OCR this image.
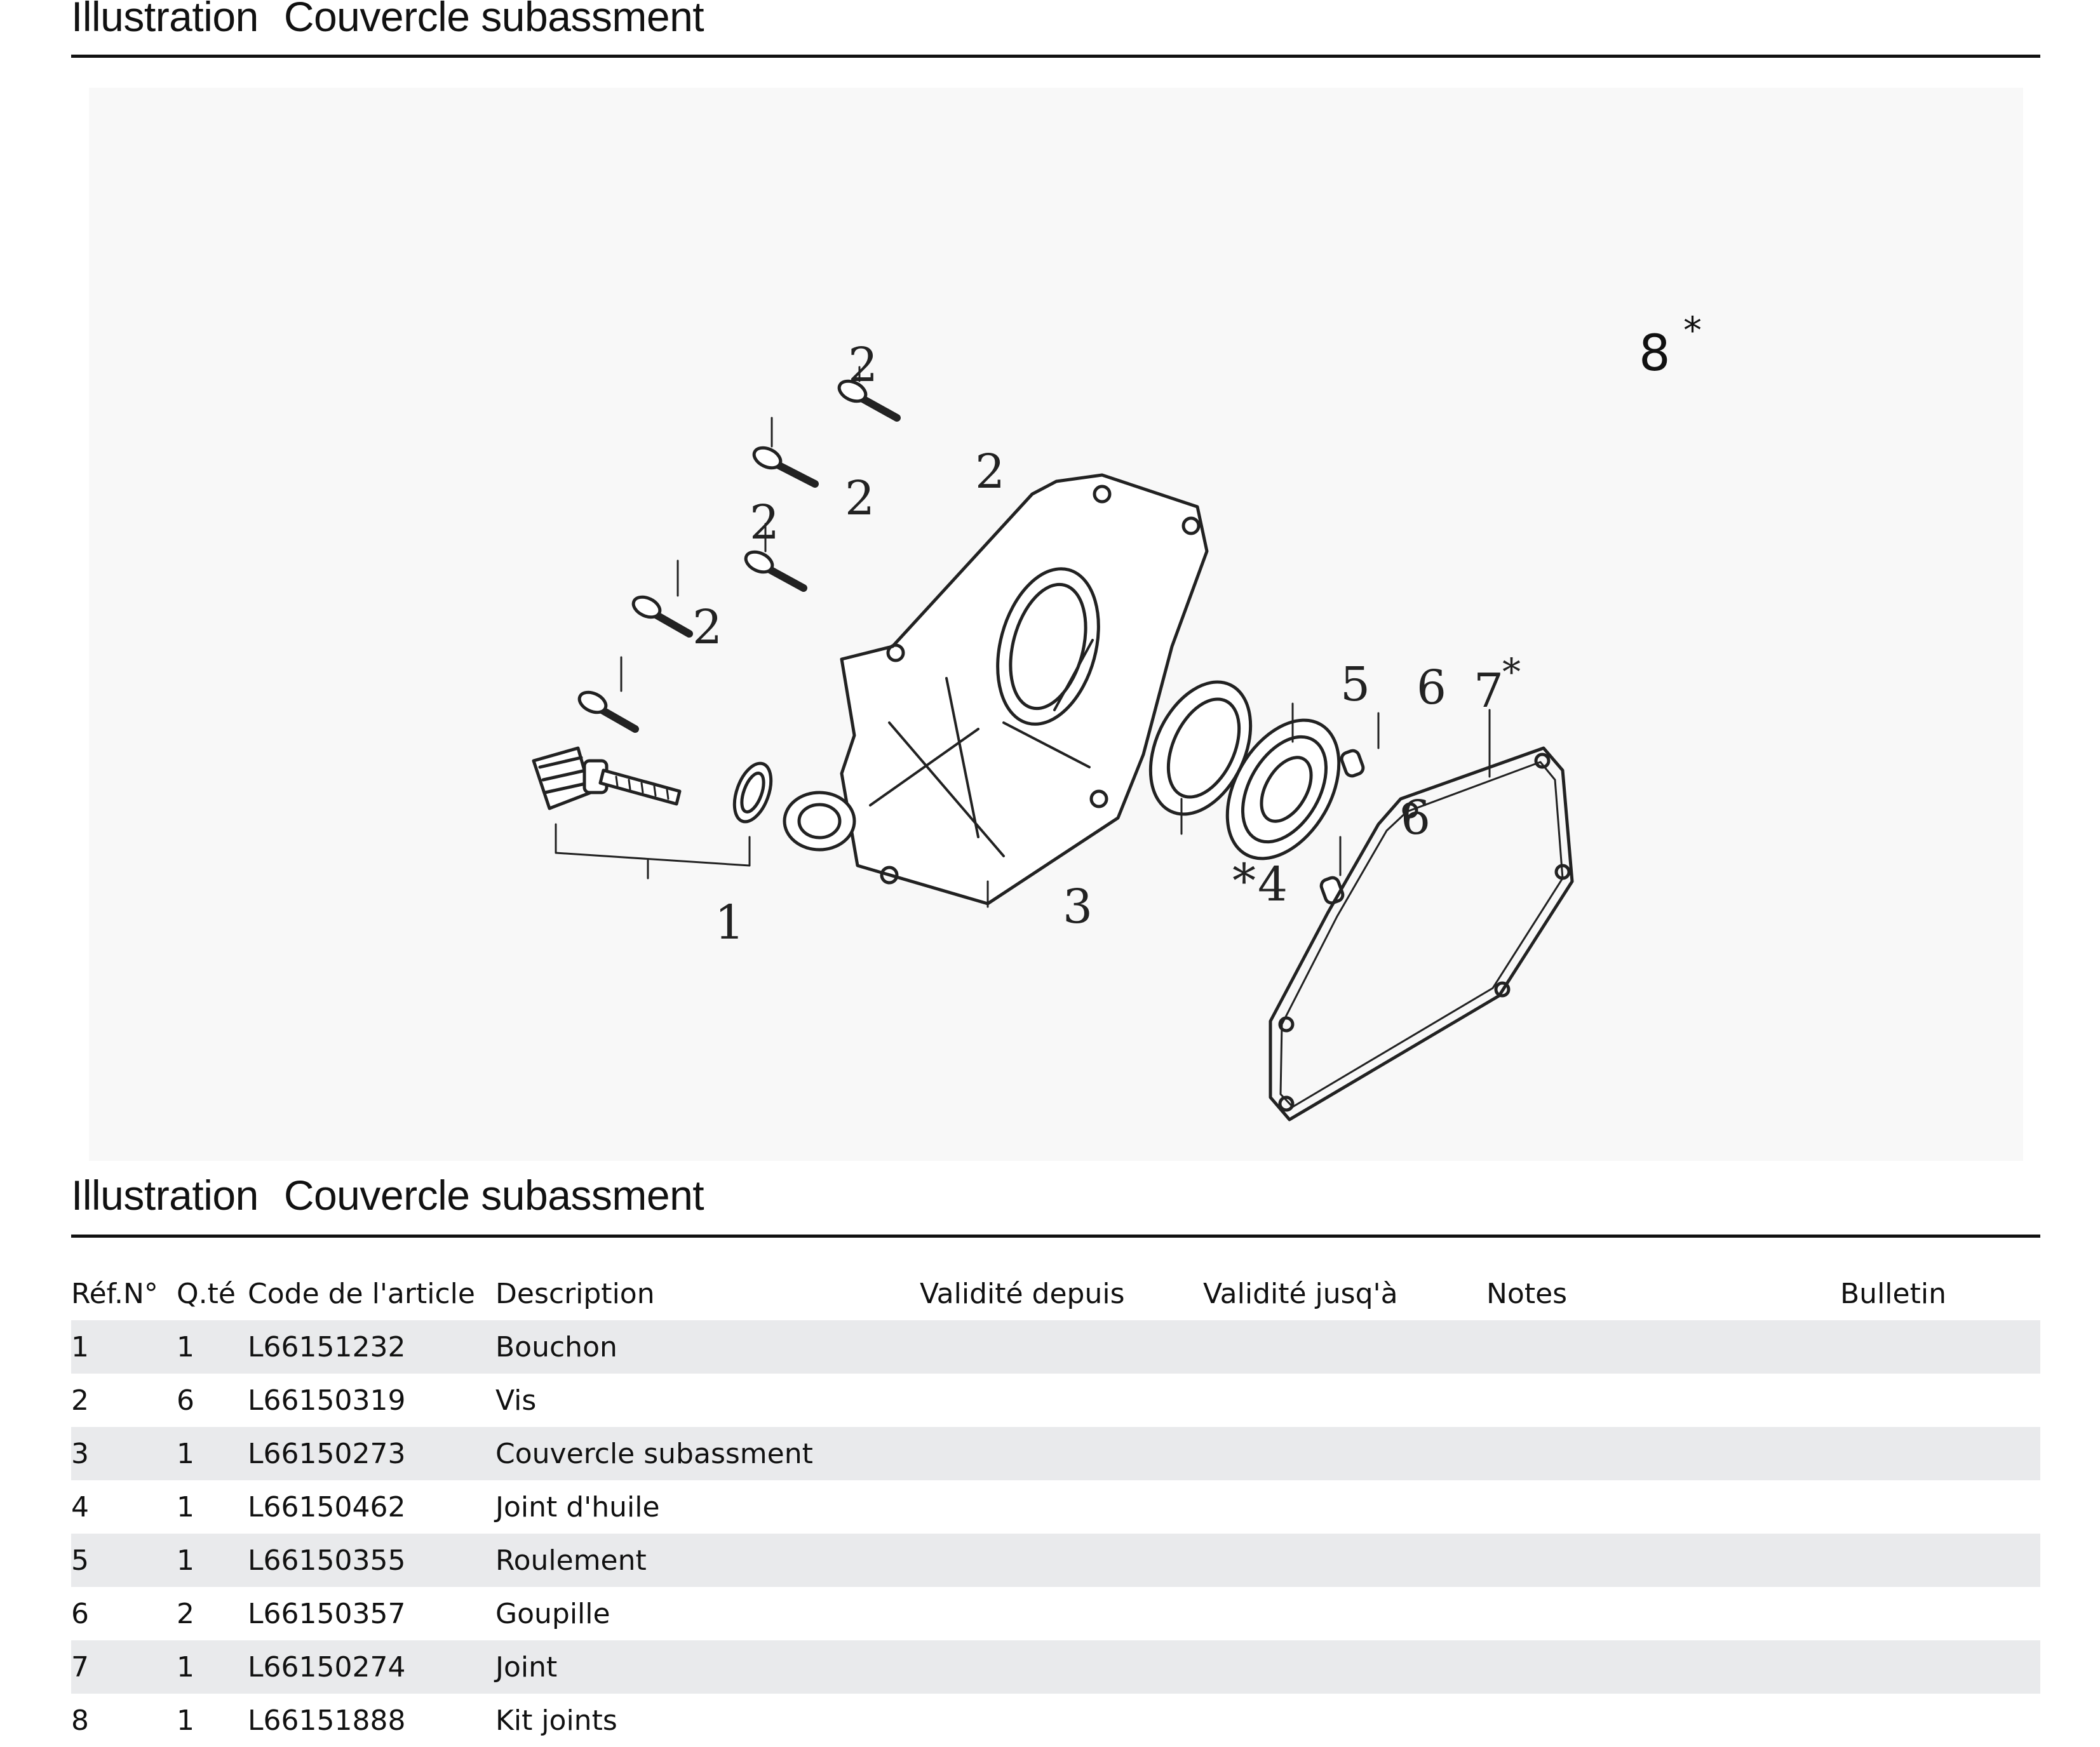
Illustration Couvercle subassment
2
2
2
2
2
1	3	* 4
5 6
6
7
*
8 *
Illustration Couvercle subassment
Réf.N°	Q.té	Code de l'article	Description	Validité depuis	Validité jusq'à	Notes	Bulletin
1	1	L66151232	Bouchon				
2	6	L66150319	Vis				
3	1	L66150273	Couvercle subassment				
4	1	L66150462	Joint d'huile				
5	1	L66150355	Roulement				
6	2	L66150357	Goupille				
7	1	L66150274	Joint				
8	1	L66151888	Kit joints				
